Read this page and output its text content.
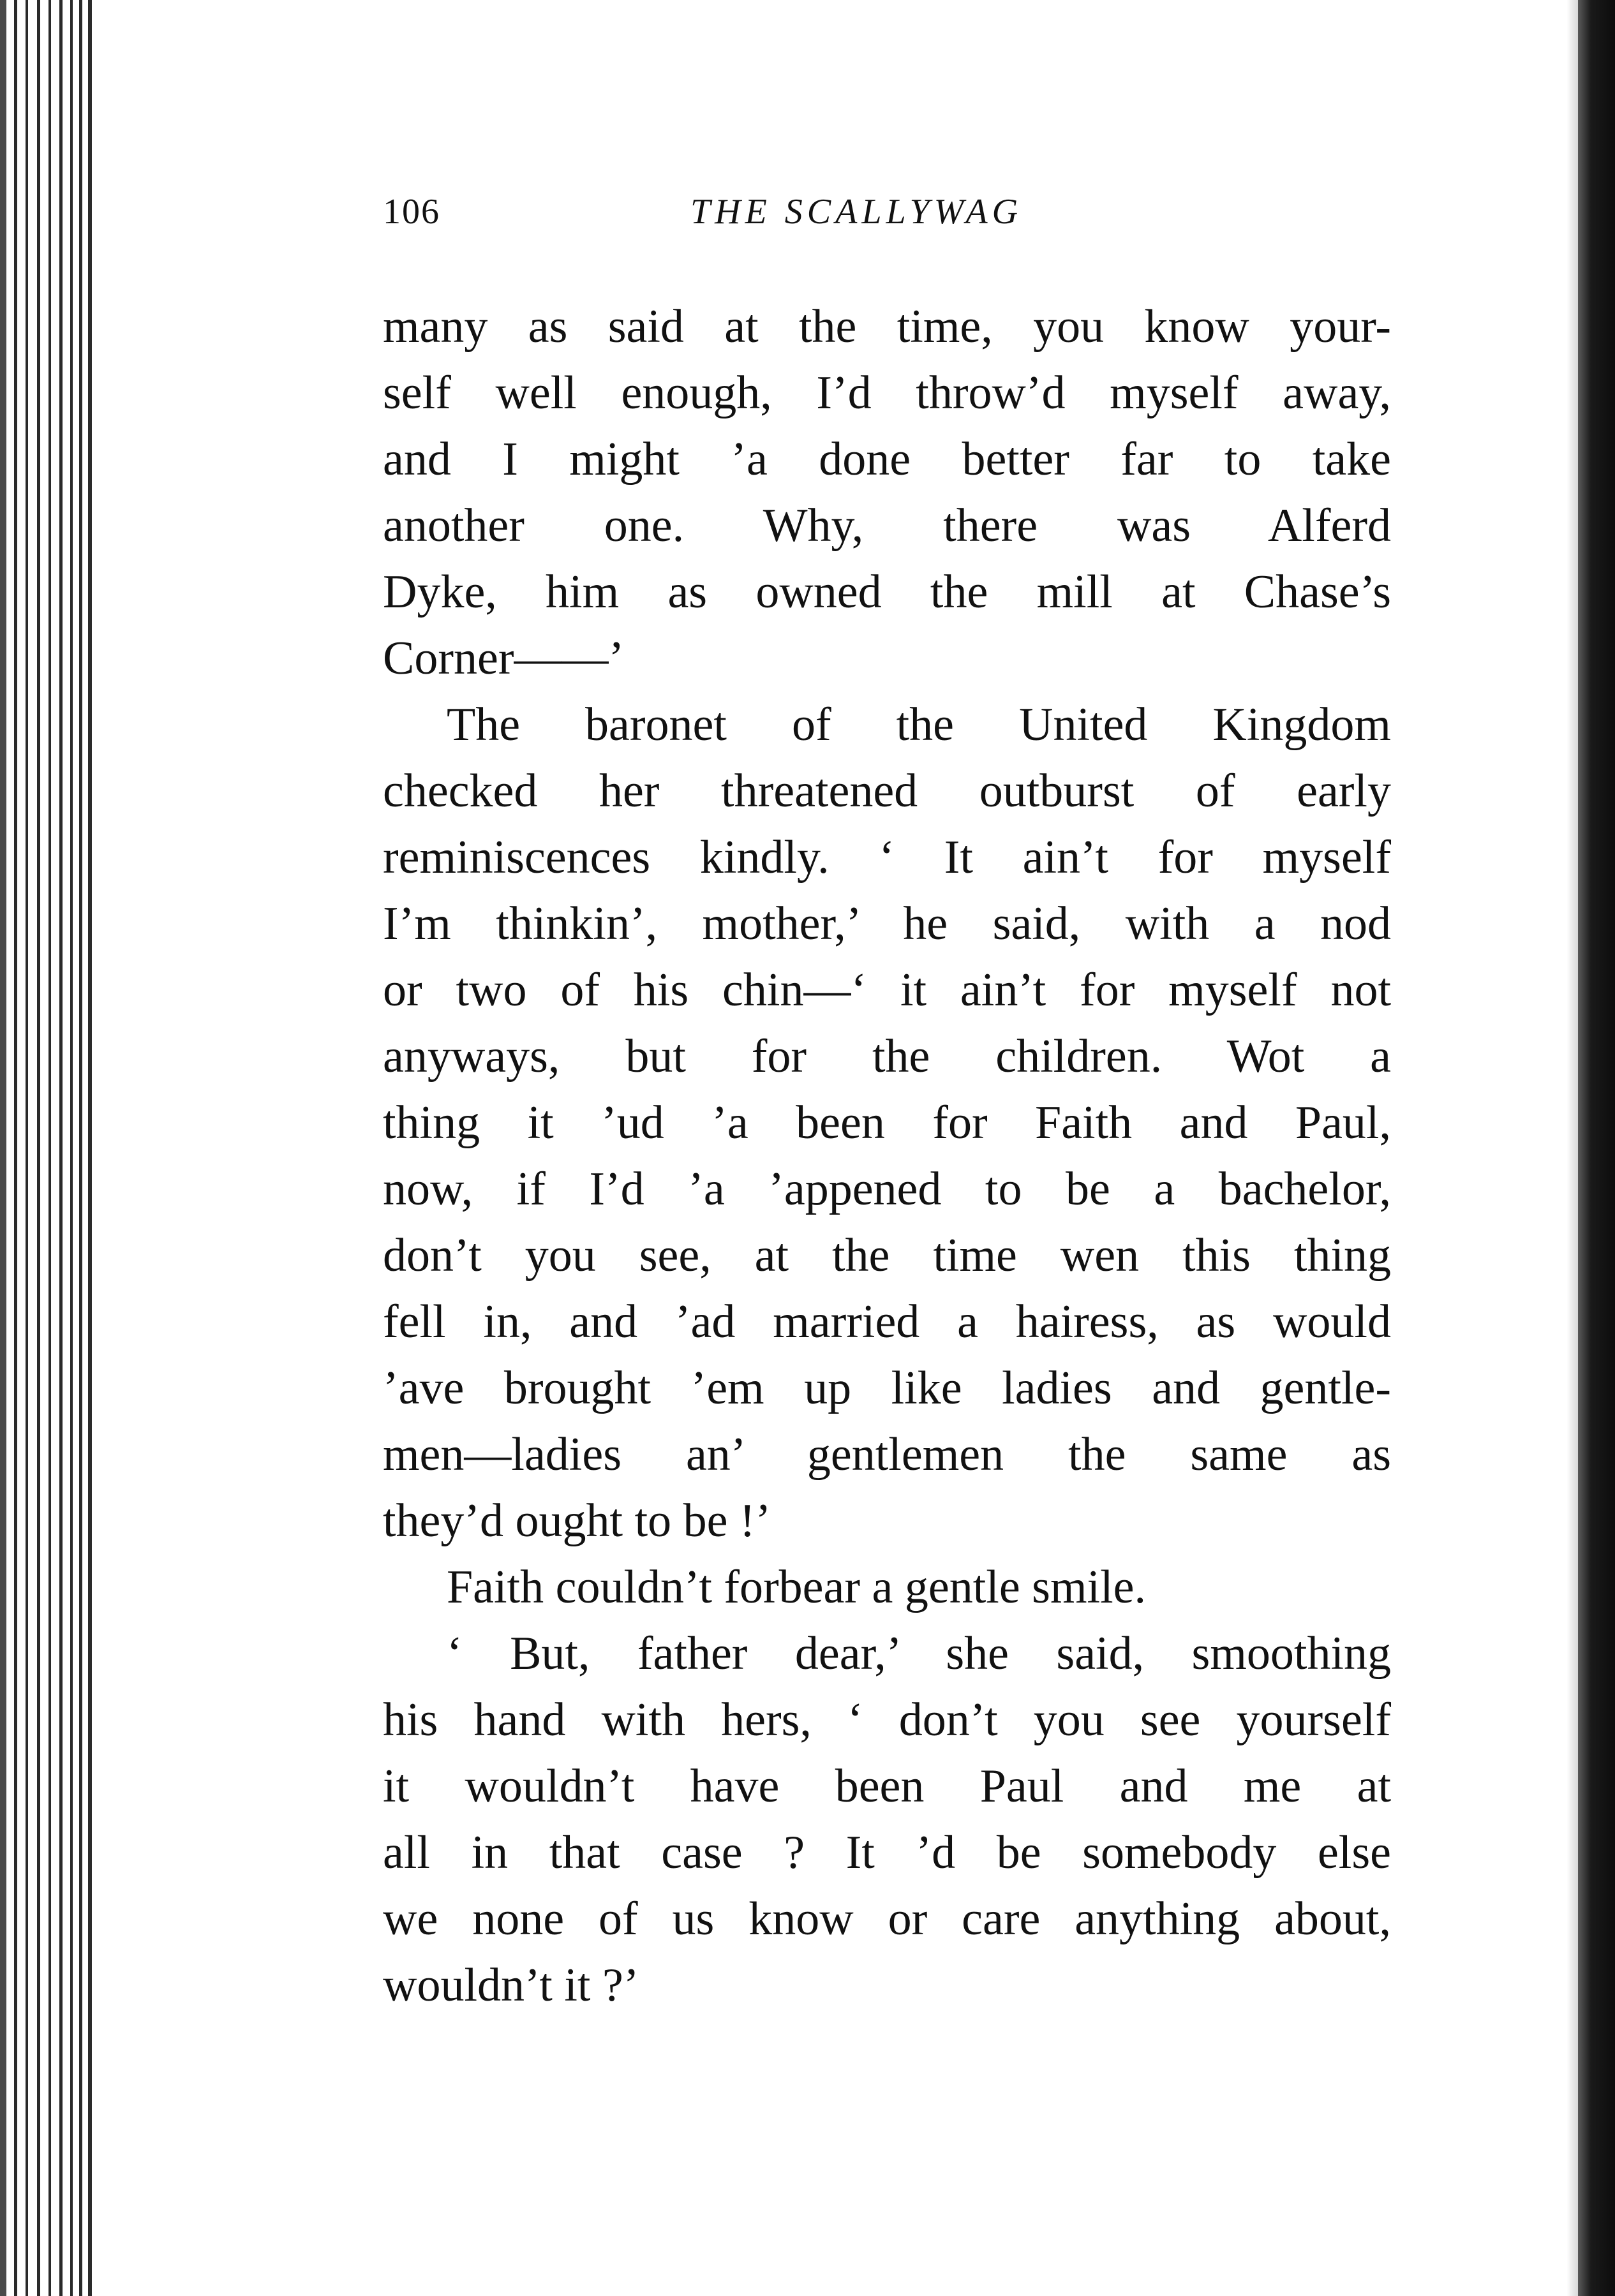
106	THE SCALLYWAG
many as said at the time, you know your-
self well enough, I’d throw’d myself away,
and I might ’a done better far to take
another one. Why, there was Alferd
Dyke, him as owned the mill at Chase’s
Corner——’
The baronet of the United Kingdom
checked her threatened outburst of early
reminiscences kindly. ‘ It ain’t for myself
I’m thinkin’, mother,’ he said, with a nod
or two of his chin—‘ it ain’t for myself not
anyways, but for the children. Wot a
thing it ’ud ’a been for Faith and Paul,
now, if I’d ’a ’appened to be a bachelor,
don’t you see, at the time wen this thing
fell in, and ’ad married a hairess, as would
’ave brought ’em up like ladies and gentle-
men—ladies an’ gentlemen the same as
they’d ought to be !’
Faith couldn’t forbear a gentle smile.
‘ But, father dear,’ she said, smoothing
his hand with hers, ‘ don’t you see yourself
it wouldn’t have been Paul and me at
all in that case ? It ’d be somebody else
we none of us know or care anything about,
wouldn’t it ?’
